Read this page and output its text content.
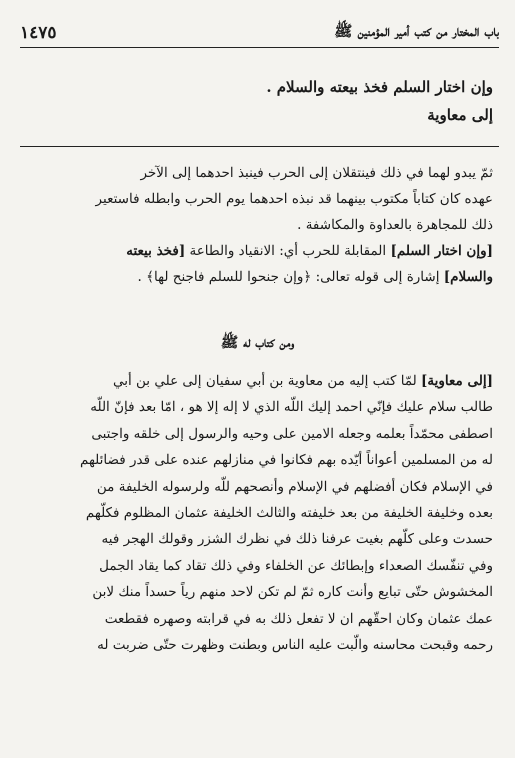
١٤٧٥	باب المختار من كتب أمير المؤمنين ﷺ
وإن اختار السلم فخذ بيعته والسلام .
إلى معاوية
ثمّ يبدو لهما في ذلك فينتقلان إلى الحرب فينبذ احدهما إلى الآخر
عهده كان كتاباً مكتوب بينهما قد نبذه احدهما يوم الحرب وابطله فاستعير
ذلك للمجاهرة بالعداوة والمكاشفة .
[وإن اختار السلم] المقابلة للحرب أي: الانقياد والطاعة [فخذ بيعته
والسلام] إشارة إلى قوله تعالى: ﴿وإن جنحوا للسلم فاجنح لها﴾ .
ومن كتاب له ﷺ
[إلى معاوية] لمّا كتب إليه من معاوية بن أبي سفيان إلى علي بن أبي
طالب سلام عليك فإنّي احمد إليك اللّه الذي لا إله إلا هو ، امّا بعد فإنّ اللّه
اصطفى محمّداً بعلمه وجعله الامين على وحيه والرسول إلى خلقه واجتبى
له من المسلمين أعواناً أيّده بهم فكانوا في منازلهم عنده على قدر فضائلهم
في الإسلام فكان أفضلهم في الإسلام وأنصحهم للّه ولرسوله الخليفة من
بعده وخليفة الخليفة من بعد خليفته والثالث الخليفة عثمان المظلوم فكلّهم
حسدت وعلى كلّهم بغيت عرفنا ذلك في نظرك الشزر وقولك الهجر فيه
وفي تنفّسك الصعداء وإبطائك عن الخلفاء وفي ذلك تقاد كما يقاد الجمل
المخشوش حتّى تبايع وأنت كاره ثمّ لم تكن لاحد منهم رياً حسداً منك لابن
عمك عثمان وكان احقّهم ان لا تفعل ذلك به في قرابته وصهره فقطعت
رحمه وقبحت محاسنه والّبت عليه الناس وبطنت وظهرت حتّى ضربت له
